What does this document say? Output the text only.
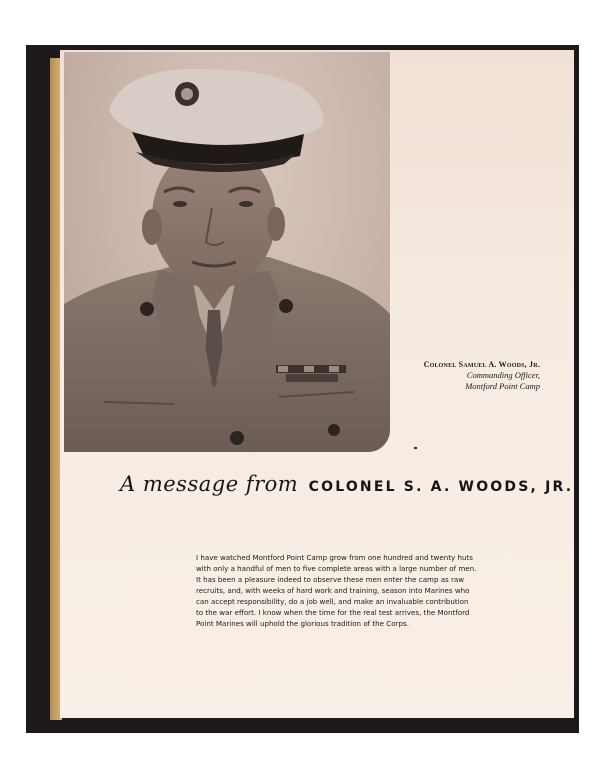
Colonel Samuel A. Woods, Jr.
Commanding Officer,
Montford Point Camp
A message from COLONEL S. A. WOODS, JR.
I have watched Montford Point Camp grow from one hundred and twenty huts
with only a handful of men to five complete areas with a large number of men.
It has been a pleasure indeed to observe these men enter the camp as raw
recruits, and, with weeks of hard work and training, season into Marines who
can accept responsibility, do a job well, and make an invaluable contribution
to the war effort. I know when the time for the real test arrives, the Montford
Point Marines will uphold the glorious tradition of the Corps.
